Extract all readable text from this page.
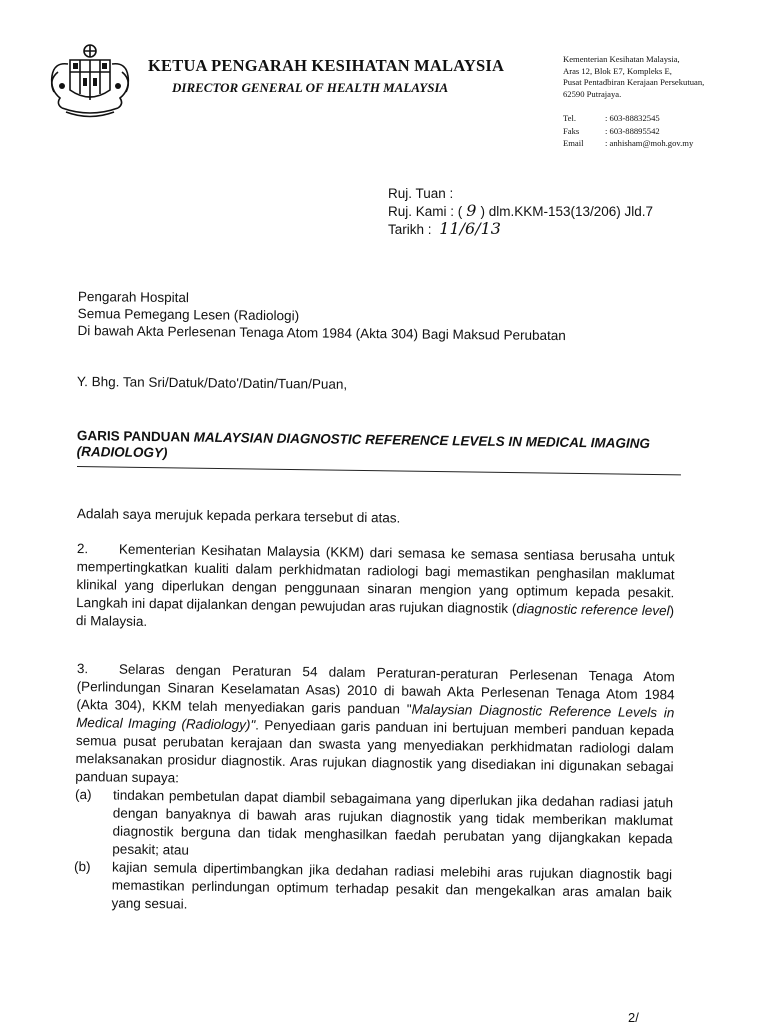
KETUA PENGARAH KESIHATAN MALAYSIA
DIRECTOR GENERAL OF HEALTH MALAYSIA
Kementerian Kesihatan Malaysia,
Aras 12, Blok E7, Kompleks E,
Pusat Pentadbiran Kerajaan Persekutuan,
62590 Putrajaya.
Tel.	: 603-88832545
Faks	: 603-88895542
Email	: anhisham@moh.gov.my
Ruj. Tuan :
Ruj. Kami : ( 9 ) dlm.KKM-153(13/206) Jld.7
Tarikh : 11/6/13
Pengarah Hospital
Semua Pemegang Lesen (Radiologi)
Di bawah Akta Perlesenan Tenaga Atom 1984 (Akta 304) Bagi Maksud Perubatan
Y. Bhg. Tan Sri/Datuk/Dato'/Datin/Tuan/Puan,
GARIS PANDUAN MALAYSIAN DIAGNOSTIC REFERENCE LEVELS IN MEDICAL IMAGING (RADIOLOGY)
Adalah saya merujuk kepada perkara tersebut di atas.
2. Kementerian Kesihatan Malaysia (KKM) dari semasa ke semasa sentiasa berusaha untuk mempertingkatkan kualiti dalam perkhidmatan radiologi bagi memastikan penghasilan maklumat klinikal yang diperlukan dengan penggunaan sinaran mengion yang optimum kepada pesakit. Langkah ini dapat dijalankan dengan pewujudan aras rujukan diagnostik (diagnostic reference level) di Malaysia.
3. Selaras dengan Peraturan 54 dalam Peraturan-peraturan Perlesenan Tenaga Atom (Perlindungan Sinaran Keselamatan Asas) 2010 di bawah Akta Perlesenan Tenaga Atom 1984 (Akta 304), KKM telah menyediakan garis panduan "Malaysian Diagnostic Reference Levels in Medical Imaging (Radiology)". Penyediaan garis panduan ini bertujuan memberi panduan kepada semua pusat perubatan kerajaan dan swasta yang menyediakan perkhidmatan radiologi dalam melaksanakan prosidur diagnostik. Aras rujukan diagnostik yang disediakan ini digunakan sebagai panduan supaya:
(a)	tindakan pembetulan dapat diambil sebagaimana yang diperlukan jika dedahan radiasi jatuh dengan banyaknya di bawah aras rujukan diagnostik yang tidak memberikan maklumat diagnostik berguna dan tidak menghasilkan faedah perubatan yang dijangkakan kepada pesakit; atau
(b)	kajian semula dipertimbangkan jika dedahan radiasi melebihi aras rujukan diagnostik bagi memastikan perlindungan optimum terhadap pesakit dan mengekalkan aras amalan baik yang sesuai.
2/
